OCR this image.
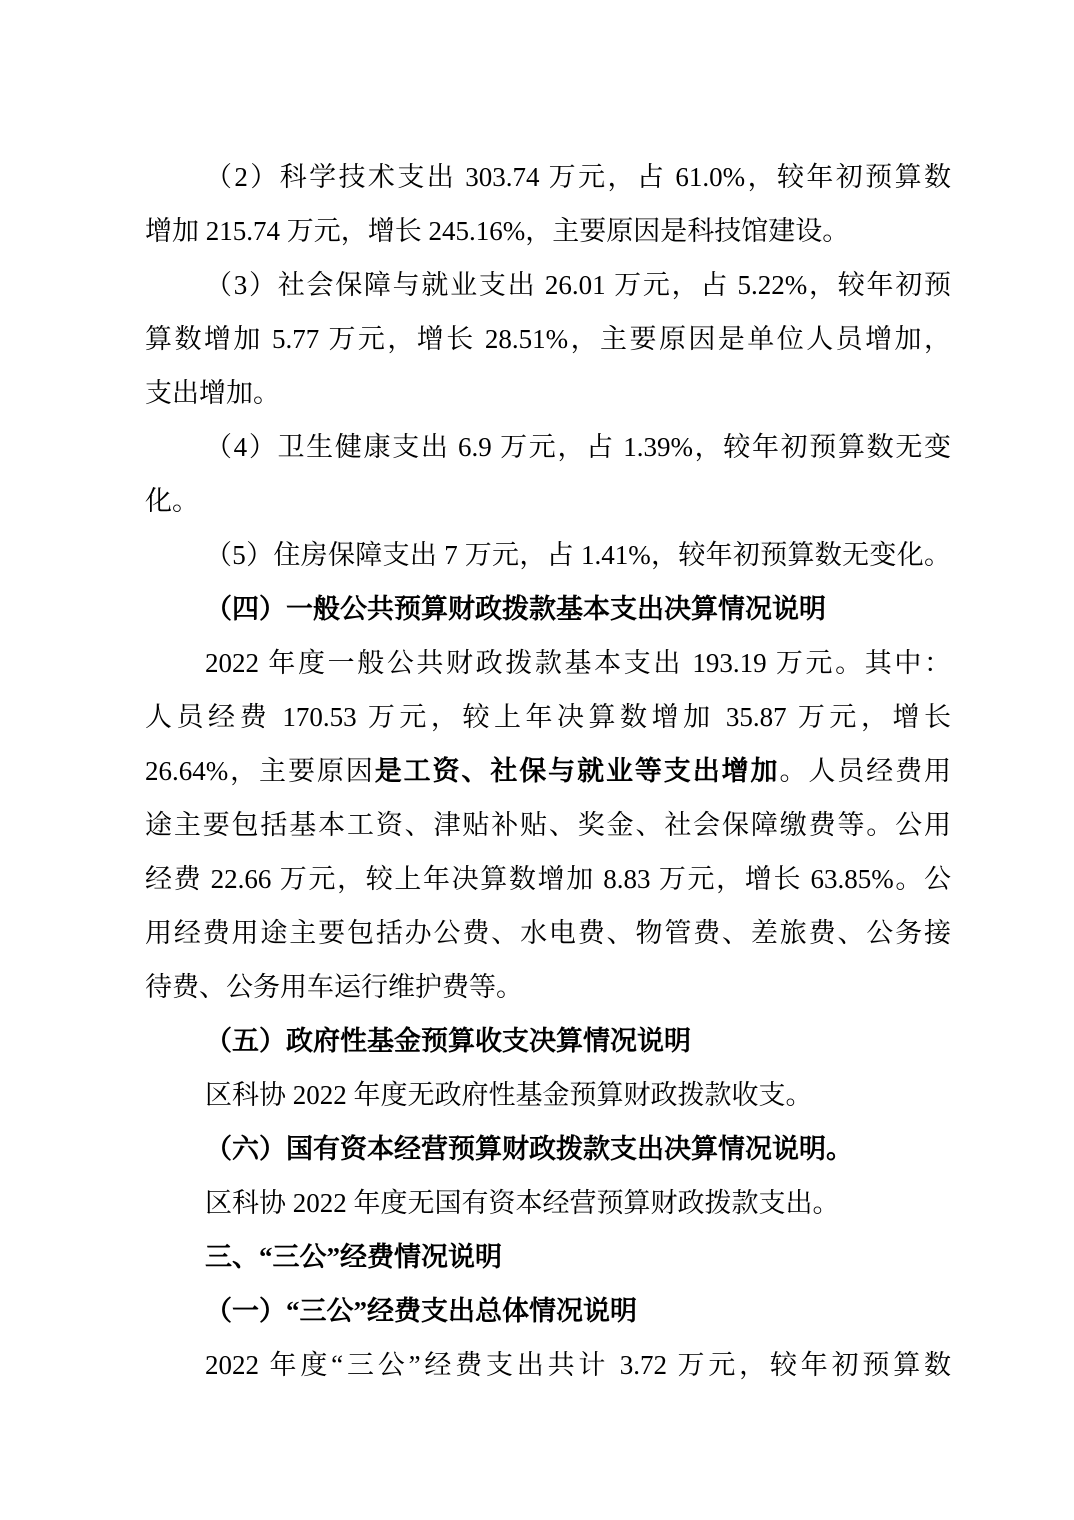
（2）科学技术支出 303.74 万元，占 61.0%，较年初预算数
增加 215.74 万元，增长 245.16%，主要原因是科技馆建设。
（3）社会保障与就业支出 26.01 万元，占 5.22%，较年初预
算数增加 5.77 万元，增长 28.51%，主要原因是单位人员增加，
支出增加。
（4）卫生健康支出 6.9 万元，占 1.39%，较年初预算数无变
化。
（5）住房保障支出 7 万元，占 1.41%，较年初预算数无变化。
（四）一般公共预算财政拨款基本支出决算情况说明
2022 年度一般公共财政拨款基本支出 193.19 万元。其中：
人员经费 170.53 万元，较上年决算数增加 35.87 万元，增长
26.64%，主要原因是工资、社保与就业等支出增加。人员经费用
途主要包括基本工资、津贴补贴、奖金、社会保障缴费等。公用
经费 22.66 万元，较上年决算数增加 8.83 万元，增长 63.85%。公
用经费用途主要包括办公费、水电费、物管费、差旅费、公务接
待费、公务用车运行维护费等。
（五）政府性基金预算收支决算情况说明
区科协 2022 年度无政府性基金预算财政拨款收支。
（六）国有资本经营预算财政拨款支出决算情况说明。
区科协 2022 年度无国有资本经营预算财政拨款支出。
三、“三公”经费情况说明
（一）“三公”经费支出总体情况说明
2022 年度“三公”经费支出共计 3.72 万元，较年初预算数
